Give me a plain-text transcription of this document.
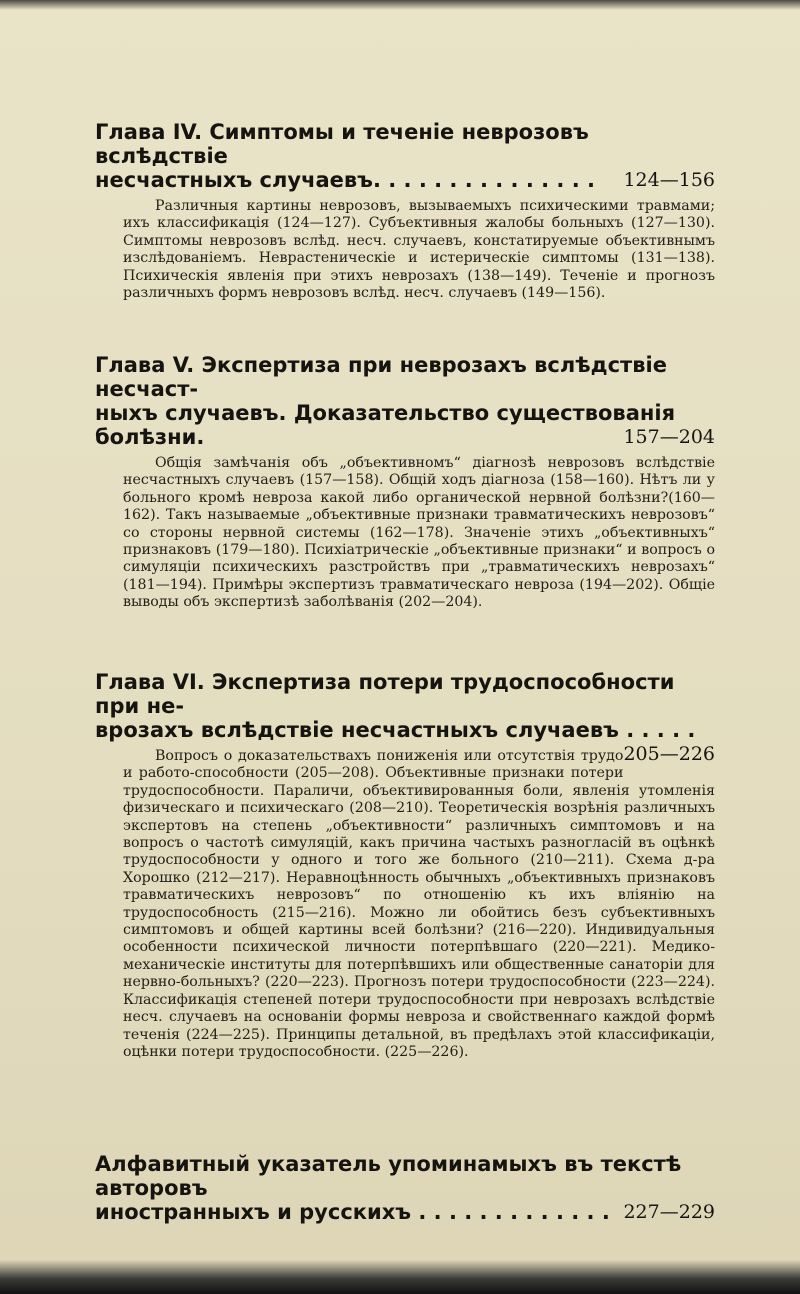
Глава IV. Симптомы и теченіе неврозовъ вслѣдствіе
несчастныхъ случаевъ. . . . . . . . . . . . . . . 124—156

Различныя картины неврозовъ, вызываемыхъ психическими травмами; ихъ классификація (124—127). Субъективныя жалобы больныхъ (127—130). Симптомы неврозовъ вслѣд. несч. случаевъ, констатируемые объективнымъ изслѣдованіемъ. Неврастеническіе и истерическіе симптомы (131—138). Психическія явленія при этихъ неврозахъ (138—149). Теченіе и прогнозъ различныхъ формъ неврозовъ вслѣд. несч. случаевъ (149—156).

Глава V. Экспертиза при неврозахъ вслѣдствіе несчаст-
ныхъ случаевъ. Доказательство существованія болѣзни.	157—204

Общія замѣчанія объ „объективномъ“ діагнозѣ неврозовъ вслѣдствіе несчастныхъ случаевъ (157—158). Общій ходъ діагноза (158—160). Нѣтъ ли у больного кромѣ невроза какой либо органической нервной болѣзни?(160—162). Такъ называемые „объективные признаки травматическихъ неврозовъ“ со стороны нервной системы (162—178). Значеніе этихъ „объективныхъ“ признаковъ (179—180). Психіатрическіе „объективные признаки“ и вопросъ о симуляціи психическихъ разстройствъ при „травматическихъ неврозахъ“ (181—194). Примѣры экспертизъ травматическаго невроза (194—202). Общіе выводы объ экспертизѣ заболѣванія (202—204).

Глава VI. Экспертиза потери трудоспособности при не-
врозахъ вслѣдствіе несчастныхъ случаевъ . . . . .
205—226

Вопросъ о доказательствахъ пониженія или отсутствія трудо и работо-способности (205—208). Объективные признаки потери трудоспособности. Параличи, объективированныя боли, явленія утомленія физическаго и психическаго (208—210). Теоретическія возрѣнія различныхъ экспертовъ на степень „объективности“ различныхъ симптомовъ и на вопросъ о частотѣ симуляцій, какъ причина частыхъ разногласій въ оцѣнкѣ трудоспособности у одного и того же больного (210—211). Схема д-ра Хорошко (212—217). Неравноцѣнность обычныхъ „объективныхъ признаковъ травматическихъ неврозовъ“ по отношенію къ ихъ вліянію на трудоспособность (215—216). Можно ли обойтись безъ субъективныхъ симптомовъ и общей картины всей болѣзни? (216—220). Индивидуальныя особенности психической личности потерпѣвшаго (220—221). Медико-механическіе институты для потерпѣвшихъ или общественные санаторіи для нервно-больныхъ? (220—223). Прогнозъ потери трудоспособности (223—224). Классификація степеней потери трудоспособности при неврозахъ вслѣдствіе несч. случаевъ на основаніи формы невроза и свойственнаго каждой формѣ теченія (224—225). Принципы детальной, въ предѣлахъ этой классификаціи, оцѣнки потери трудоспособности. (225—226).

Алфавитный указатель упоминамыхъ въ текстѣ авторовъ
иностранныхъ и русскихъ . . . . . . . . . . . . . 227—229
